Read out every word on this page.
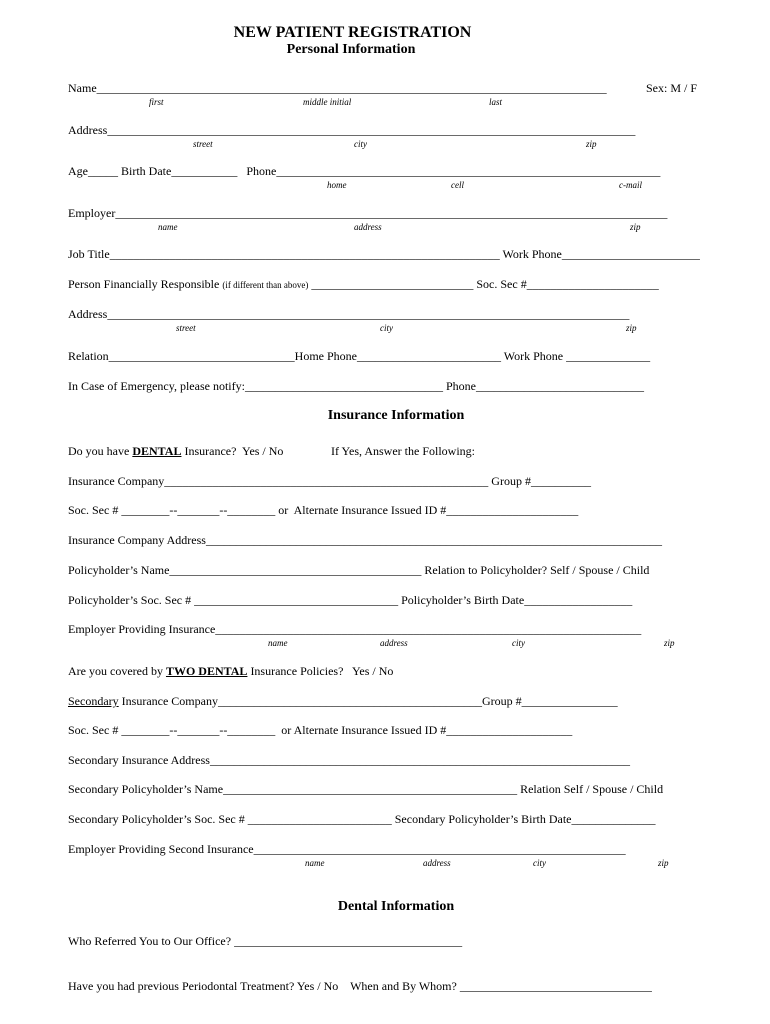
NEW PATIENT REGISTRATION
Personal Information
Name_____________________________________________________________________________________	Sex: M / F
first	middle initial	last
Address________________________________________________________________________________________
street	city	zip
Age_____ Birth Date___________   Phone________________________________________________________________
home	cell	c-mail
Employer____________________________________________________________________________________________
name	address	zip
Job Title_________________________________________________________________ Work Phone_______________________
Person Financially Responsible (if different than above) ___________________________ Soc. Sec #______________________
Address_______________________________________________________________________________________
street	city	zip
Relation_______________________________Home Phone________________________ Work Phone ______________
In Case of Emergency, please notify:_________________________________ Phone____________________________
Insurance Information
Do you have DENTAL Insurance?  Yes / No	If Yes, Answer the Following:
Insurance Company______________________________________________________ Group #__________
Soc. Sec # ________--_______--________ or  Alternate Insurance Issued ID #______________________
Insurance Company Address____________________________________________________________________________
Policyholder’s Name__________________________________________ Relation to Policyholder? Self / Spouse / Child
Policyholder’s Soc. Sec # __________________________________ Policyholder’s Birth Date__________________
Employer Providing Insurance_______________________________________________________________________
name	address	city	zip
Are you covered by TWO DENTAL Insurance Policies?   Yes / No
Secondary Insurance Company____________________________________________Group #________________
Soc. Sec # ________--_______--________  or Alternate Insurance Issued ID #_____________________
Secondary Insurance Address______________________________________________________________________
Secondary Policyholder’s Name_________________________________________________ Relation Self / Spouse / Child
Secondary Policyholder’s Soc. Sec # ________________________ Secondary Policyholder’s Birth Date______________
Employer Providing Second Insurance______________________________________________________________
name	address	city	zip
Dental Information
Who Referred You to Our Office? ______________________________________
Have you had previous Periodontal Treatment? Yes / No    When and By Whom? ________________________________
